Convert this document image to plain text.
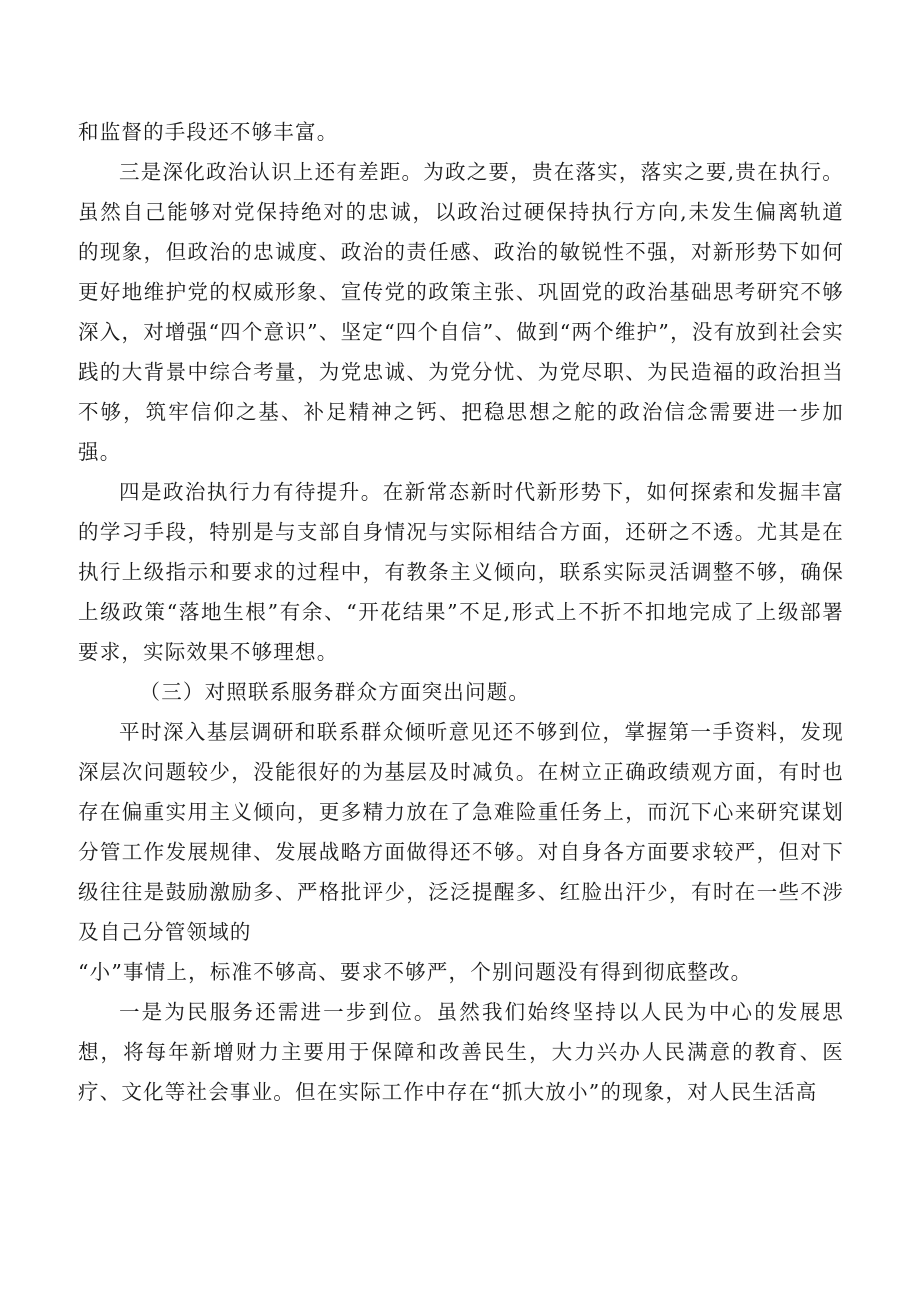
和监督的手段还不够丰富。

三是深化政治认识上还有差距。为政之要，贵在落实，落实之要,贵在执行。虽然自己能够对党保持绝对的忠诚，以政治过硬保持执行方向,未发生偏离轨道的现象，但政治的忠诚度、政治的责任感、政治的敏锐性不强，对新形势下如何更好地维护党的权威形象、宣传党的政策主张、巩固党的政治基础思考研究不够深入，对增强“四个意识”、坚定“四个自信”、做到“两个维护”，没有放到社会实践的大背景中综合考量，为党忠诚、为党分忧、为党尽职、为民造福的政治担当不够，筑牢信仰之基、补足精神之钙、把稳思想之舵的政治信念需要进一步加强。

四是政治执行力有待提升。在新常态新时代新形势下，如何探索和发掘丰富的学习手段，特别是与支部自身情况与实际相结合方面，还研之不透。尤其是在执行上级指示和要求的过程中，有教条主义倾向，联系实际灵活调整不够，确保上级政策“落地生根”有余、“开花结果”不足,形式上不折不扣地完成了上级部署要求，实际效果不够理想。

（三）对照联系服务群众方面突出问题。

平时深入基层调研和联系群众倾听意见还不够到位，掌握第一手资料，发现深层次问题较少，没能很好的为基层及时减负。在树立正确政绩观方面，有时也存在偏重实用主义倾向，更多精力放在了急难险重任务上，而沉下心来研究谋划分管工作发展规律、发展战略方面做得还不够。对自身各方面要求较严，但对下级往往是鼓励激励多、严格批评少，泛泛提醒多、红脸出汗少，有时在一些不涉及自己分管领域的

“小”事情上，标准不够高、要求不够严，个别问题没有得到彻底整改。

一是为民服务还需进一步到位。虽然我们始终坚持以人民为中心的发展思想，将每年新增财力主要用于保障和改善民生，大力兴办人民满意的教育、医疗、文化等社会事业。但在实际工作中存在“抓大放小”的现象，对人民生活高
